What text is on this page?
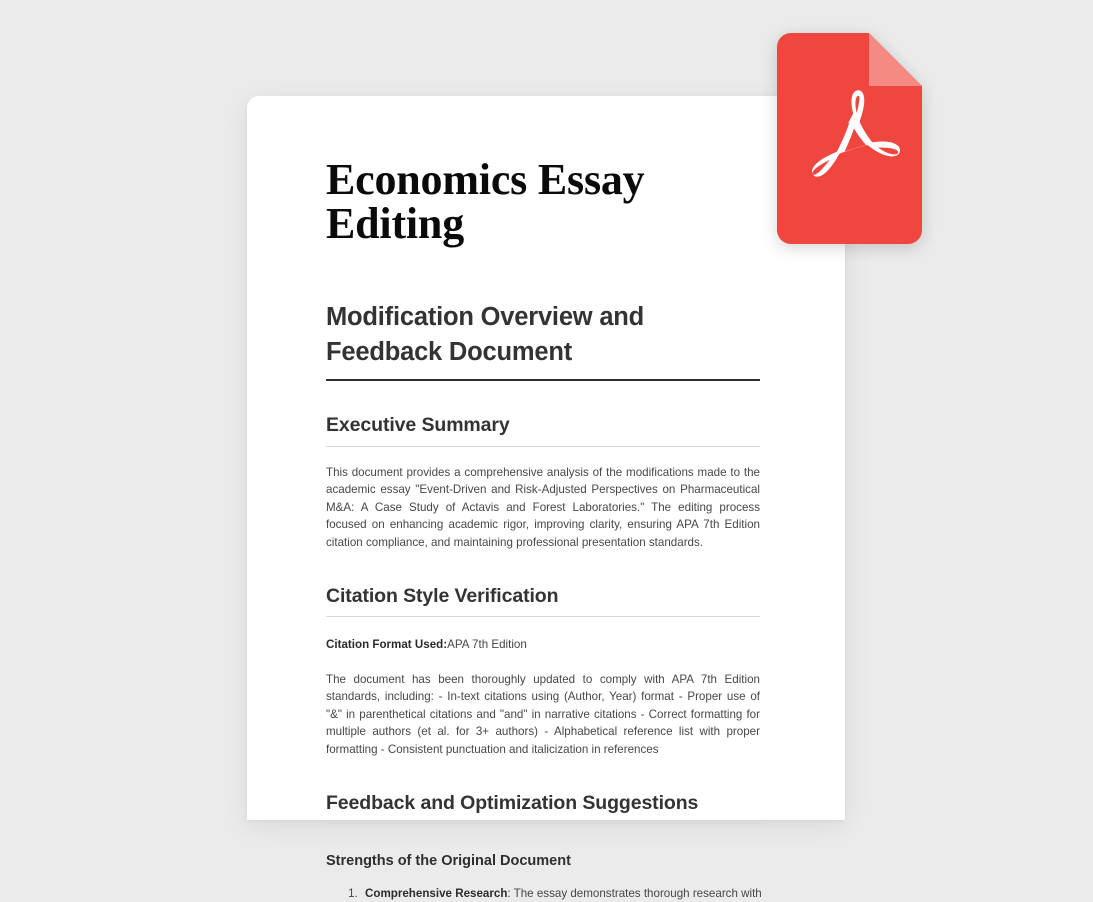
Economics Essay Editing
Modification Overview and Feedback Document
Executive Summary

This document provides a comprehensive analysis of the modifications made to the academic essay "Event-Driven and Risk-Adjusted Perspectives on Pharmaceutical M&A: A Case Study of Actavis and Forest Laboratories." The editing process focused on enhancing academic rigor, improving clarity, ensuring APA 7th Edition citation compliance, and maintaining professional presentation standards.

Citation Style Verification
Citation Format Used:APA 7th Edition

The document has been thoroughly updated to comply with APA 7th Edition standards, including: - In-text citations using (Author, Year) format - Proper use of "&" in parenthetical citations and "and" in narrative citations - Correct formatting for multiple authors (et al. for 3+ authors) - Alphabetical reference list with proper formatting - Consistent punctuation and italicization in references

Feedback and Optimization Suggestions
Strengths of the Original Document
1. Comprehensive Research: The essay demonstrates thorough research with
